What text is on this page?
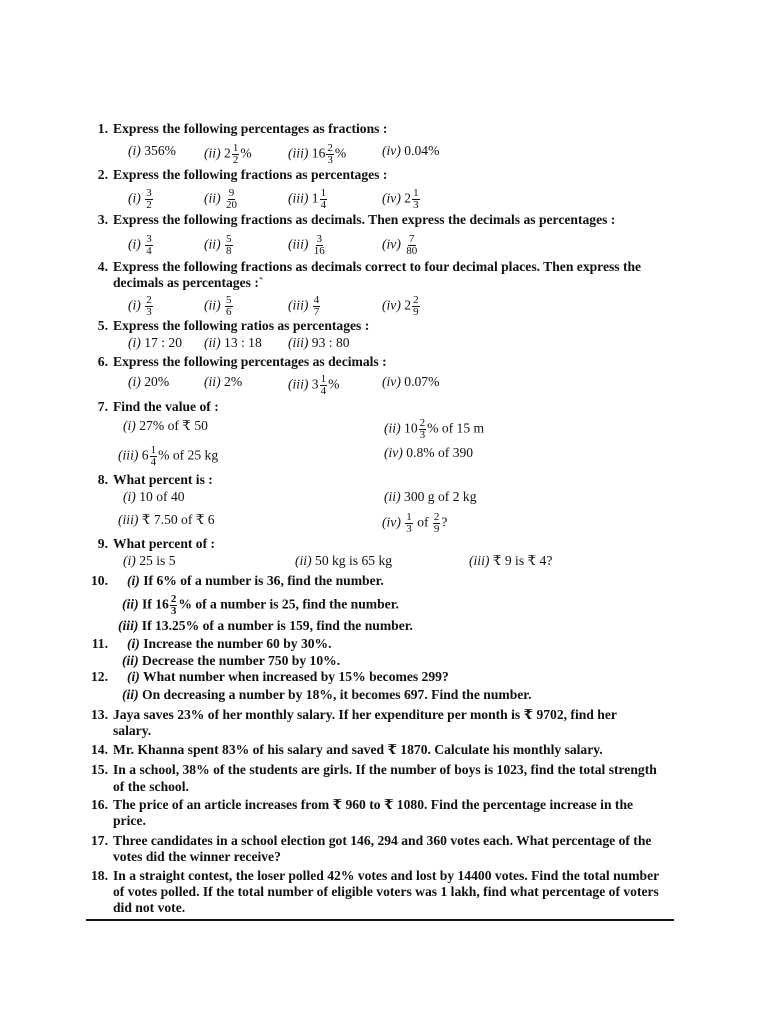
1. Express the following percentages as fractions :
(i) 356% (ii) $2 \frac{1}{2}$ %	(iii) $16 \frac{2}{3}$ %	(iv) 0.04%
2. Express the following fractions as percentages :
$(i) \frac{3}{2}$	$(ii) \frac{9}{20}$	(iii) $1 \frac{1}{4}$	(iv) $2 \frac{1}{3}$
3. Express the following fractions as decimals. Then express the decimals as percentages :
$(i) \frac{3}{4}$	$(ii) \frac{5}{8}$	$(iii) \frac{3}{16}$	$(iv) \frac{7}{80}$
4. Express the following fractions as decimals correct to four decimal places. Then express the
decimals as percentages :`
$(i) \frac{2}{3}$	$(ii) \frac{5}{6}$	$(iii) \frac{4}{7}$	(iv) $2 \frac{2}{9}$
5. Express the following ratios as percentages :
(i) 17 : 20 (ii) 13 : 18 (iii) 93 : 80
6. Express the following percentages as decimals :
(i) 20%	(ii) 2%	(iii) $3 \frac{1}{4}$ %	(iv) 0.07%
7. Find the value of :
(i) 27% of ₹ 50	(ii) $10 \frac{2}{3}$ % of 15 m
(iii) $6 \frac{1}{4}$ % of 25 kg	(iv) 0.8% of 390
8. What percent is :
(i) 10 of 40	(ii) 300 g of 2 kg
(iii) ₹ 7.50 of ₹ 6	$(iv) \frac{1}{3}$ of $\frac{2}{9}$ ?
9. What percent of :
(i) 25 is 5	(ii) 50 kg is 65 kg	(iii) ₹ 9 is ₹ 4?
10. (i) If 6% of a number is 36, find the number.
(ii) If $16 \frac{2}{3}$ % of a number is 25, find the number.
(iii) If 13.25% of a number is 159, find the number.
11. (i) Increase the number 60 by 30%.
(ii) Decrease the number 750 by 10%.
12. (i) What number when increased by 15% becomes 299?
(ii) On decreasing a number by 18%, it becomes 697. Find the number.
13. Jaya saves 23% of her monthly salary. If her expenditure per month is ₹ 9702, find her
salary.
14. Mr. Khanna spent 83% of his salary and saved ₹ 1870. Calculate his monthly salary.
15. In a school, 38% of the students are girls. If the number of boys is 1023, find the total strength
of the school.
16. The price of an article increases from ₹ 960 to ₹ 1080. Find the percentage increase in the
price.
17. Three candidates in a school election got 146, 294 and 360 votes each. What percentage of the
votes did the winner receive?
18. In a straight contest, the loser polled 42% votes and lost by 14400 votes. Find the total number
of votes polled. If the total number of eligible voters was 1 lakh, find what percentage of voters
did not vote.
